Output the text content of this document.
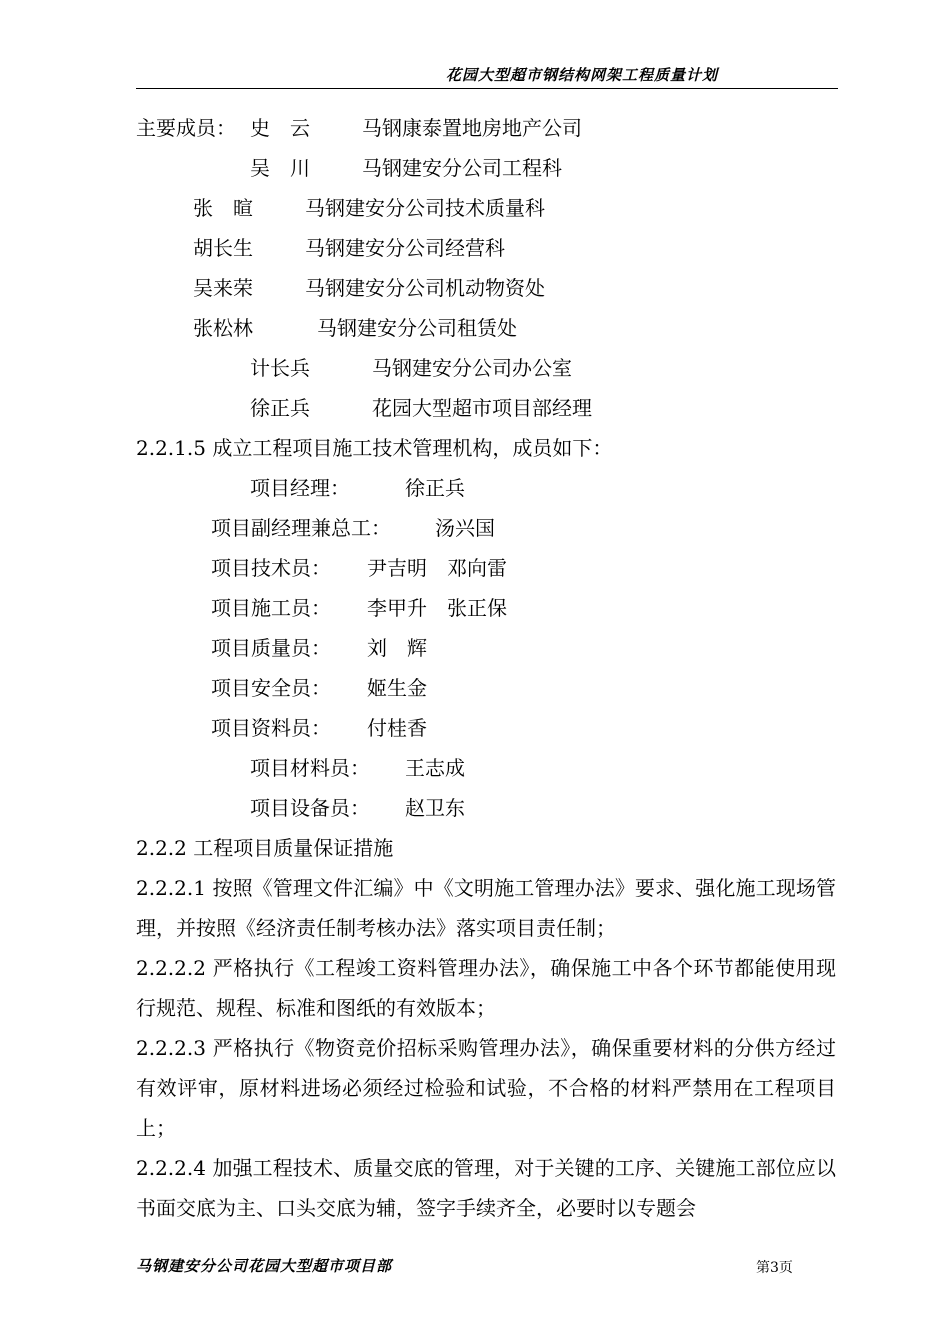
花园大型超市钢结构网架工程质量计划
主要成员： 史　云	马钢康泰置地房地产公司
吴　川	马钢建安分公司工程科
张　暄	马钢建安分公司技术质量科
胡长生	马钢建安分公司经营科
吴来荣	马钢建安分公司机动物资处
张松林	马钢建安分公司租赁处
计长兵	马钢建安分公司办公室
徐正兵	花园大型超市项目部经理
2.2.1.5 成立工程项目施工技术管理机构，成员如下：
项目经理：	徐正兵
项目副经理兼总工： 汤兴国
项目技术员： 尹吉明　邓向雷
项目施工员： 李甲升　张正保
项目质量员： 刘　辉
项目安全员： 姬生金
项目资料员： 付桂香
项目材料员： 王志成
项目设备员： 赵卫东
2.2.2 工程项目质量保证措施
2.2.2.1 按照《管理文件汇编》中《文明施工管理办法》要求、强化施工现场管理，并按照《经济责任制考核办法》落实项目责任制；
2.2.2.2 严格执行《工程竣工资料管理办法》，确保施工中各个环节都能使用现行规范、规程、标准和图纸的有效版本；
2.2.2.3 严格执行《物资竞价招标采购管理办法》，确保重要材料的分供方经过有效评审，原材料进场必须经过检验和试验，不合格的材料严禁用在工程项目上；
2.2.2.4 加强工程技术、质量交底的管理，对于关键的工序、关键施工部位应以书面交底为主、口头交底为辅，签字手续齐全，必要时以专题会
马钢建安分公司花园大型超市项目部	第3页
